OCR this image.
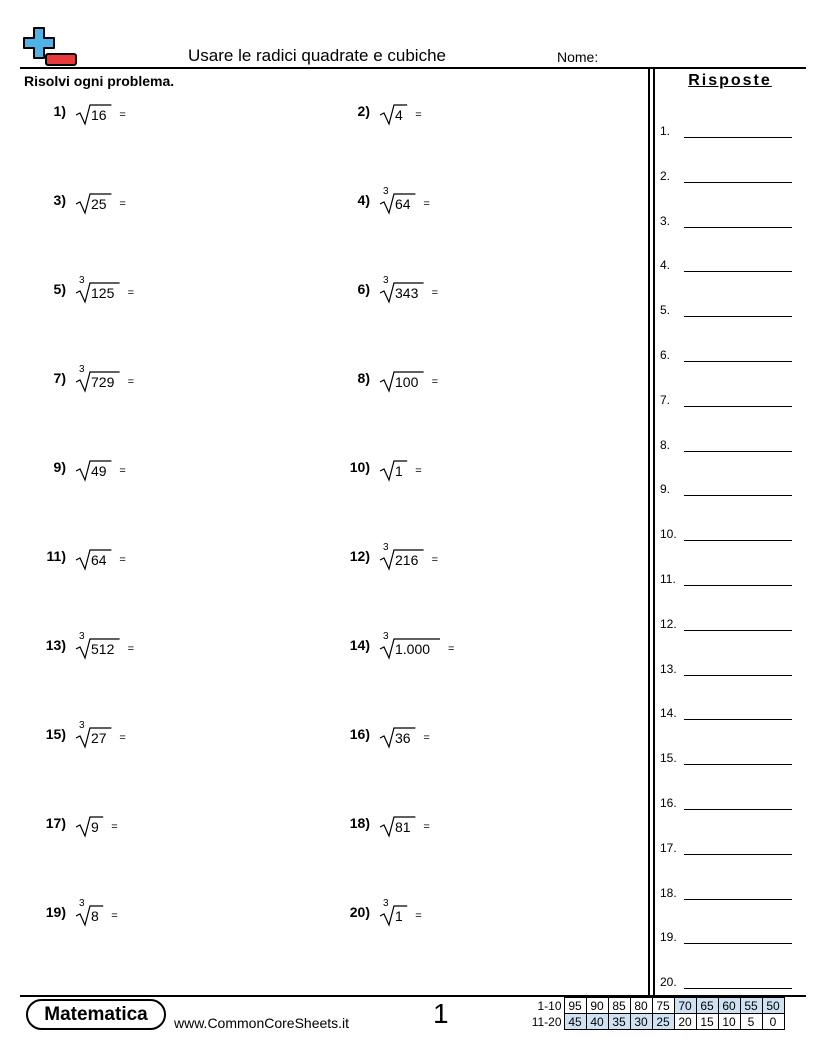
Usare le radici quadrate e cubiche	Nome:
Risolvi ogni problema.
1) 16 =	2) 4 =
3) 25 =	4)
3
64 =
5)
3
125 =	6)
3
343 =
7)
3
729 =	8) 100 =
9) 49 =	10) 1 =
11) 64 =	12)
3
216 =
13)
3
512 =	14)
3
1.000 =
15)
3
27 =	16) 36 =
17) 9 =	18) 81 =
19)
3
8 =	20)
3
1 =
Risposte
1.
2.
3.
4.
5.
6.
7.
8.
9.
10.
11.
12.
13.
14.
15.
16.
17.
18.
19.
20.
Matematica	www.CommonCoreSheets.it	1	1-10	95	90	85	80	75	70	65	60	55	50
11-20	45	40	35	30	25	20	15	10	5	0
